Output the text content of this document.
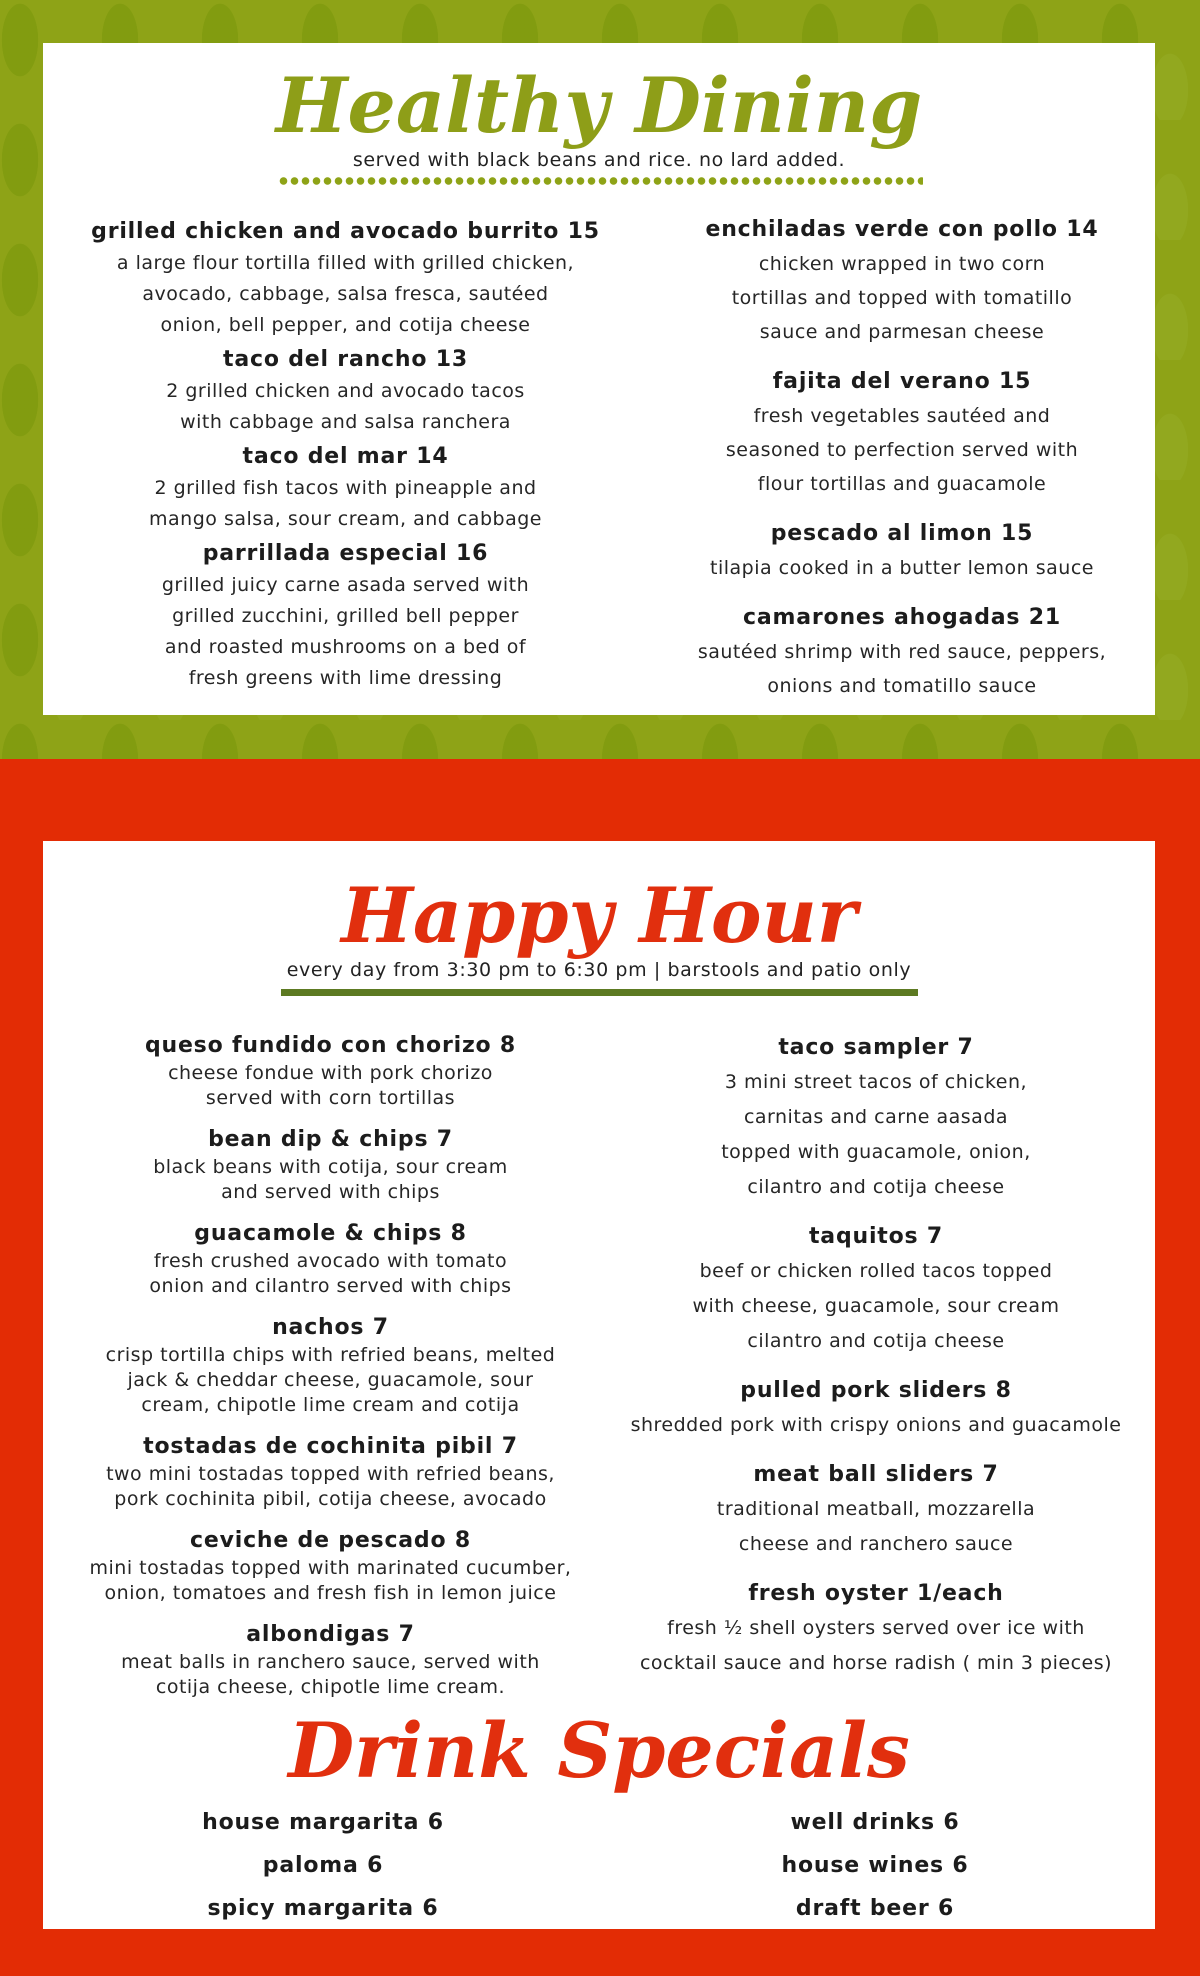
Healthy Dining
served with black beans and rice. no lard added.
grilled chicken and avocado burrito 15
a large flour tortilla filled with grilled chicken,
avocado, cabbage, salsa fresca, sautéed
onion, bell pepper, and cotija cheese
taco del rancho 13
2 grilled chicken and avocado tacos
with cabbage and salsa ranchera
taco del mar 14
2 grilled fish tacos with pineapple and
mango salsa, sour cream, and cabbage
parrillada especial 16
grilled juicy carne asada served with
grilled zucchini, grilled bell pepper
and roasted mushrooms on a bed of
fresh greens with lime dressing
enchiladas verde con pollo 14
chicken wrapped in two corn
tortillas and topped with tomatillo
sauce and parmesan cheese
fajita del verano 15
fresh vegetables sautéed and
seasoned to perfection served with
flour tortillas and guacamole
pescado al limon 15
tilapia cooked in a butter lemon sauce
camarones ahogadas 21
sautéed shrimp with red sauce, peppers,
onions and tomatillo sauce
Happy Hour
every day from 3:30 pm to 6:30 pm | barstools and patio only
queso fundido con chorizo 8
cheese fondue with pork chorizo
served with corn tortillas
bean dip & chips 7
black beans with cotija, sour cream
and served with chips
guacamole & chips 8
fresh crushed avocado with tomato
onion and cilantro served with chips
nachos 7
crisp tortilla chips with refried beans, melted
jack & cheddar cheese, guacamole, sour
cream, chipotle lime cream and cotija
tostadas de cochinita pibil 7
two mini tostadas topped with refried beans,
pork cochinita pibil, cotija cheese, avocado
ceviche de pescado 8
mini tostadas topped with marinated cucumber,
onion, tomatoes and fresh fish in lemon juice
albondigas 7
meat balls in ranchero sauce, served with
cotija cheese, chipotle lime cream.
taco sampler 7
3 mini street tacos of chicken,
carnitas and carne aasada
topped with guacamole, onion,
cilantro and cotija cheese
taquitos 7
beef or chicken rolled tacos topped
with cheese, guacamole, sour cream
cilantro and cotija cheese
pulled pork sliders 8
shredded pork with crispy onions and guacamole
meat ball sliders 7
traditional meatball, mozzarella
cheese and ranchero sauce
fresh oyster 1/each
fresh ½ shell oysters served over ice with
cocktail sauce and horse radish ( min 3 pieces)
Drink Specials
house margarita 6
paloma 6
spicy margarita 6
well drinks 6
house wines 6
draft beer 6
